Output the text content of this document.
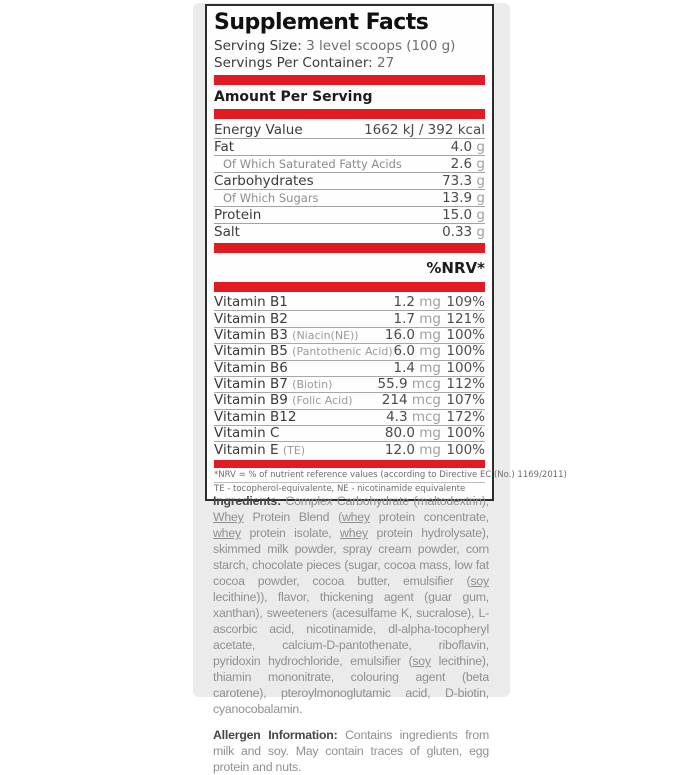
Supplement Facts
Serving Size: 3 level scoops (100 g)
Servings Per Container: 27
Amount Per Serving
Energy Value	1662 kJ / 392 kcal
Fat	4.0 g
Of Which Saturated Fatty Acids	2.6 g
Carbohydrates	73.3 g
Of Which Sugars	13.9 g
Protein	15.0 g
Salt	0.33 g
%NRV*
Vitamin B1	1.2 mg 109%
Vitamin B2	1.7 mg 121%
Vitamin B3 (Niacin(NE)) 16.0 mg 100%
Vitamin B5 (Pantothenic Acid) 6.0 mg 100%
Vitamin B6	1.4 mg 100%
Vitamin B7 (Biotin)	55.9 mcg 112%
Vitamin B9 (Folic Acid) 214 mcg 107%
Vitamin B12	4.3 mcg 172%
Vitamin C	80.0 mg 100%
Vitamin E (TE)	12.0 mg 100%
*NRV = % of nutrient reference values (according to Directive EC (No.) 1169/2011)
TE - tocopherol-equivalente, NE - nicotinamide equivalente

Ingredients: Complex Carbohydrate (maltodextrin), Whey Protein Blend (whey protein concentrate, whey protein isolate, whey protein hydrolysate), skimmed milk powder, spray cream powder, corn starch, chocolate pieces (sugar, cocoa mass, low fat cocoa powder, cocoa butter, emulsifier (soy lecithine)), flavor, thickening agent (guar gum, xanthan), sweeteners (acesulfame K, sucralose), L-ascorbic acid, nicotinamide, dl-alpha-tocopheryl acetate, calcium-D-pantothenate, riboflavin, pyridoxin hydrochloride, emulsifier (soy lecithine), thiamin mononitrate, colouring agent (beta carotene), pteroylmonoglutamic acid, D-biotin, cyanocobalamin.

Allergen Information: Contains ingredients from milk and soy. May contain traces of gluten, egg protein and nuts.
